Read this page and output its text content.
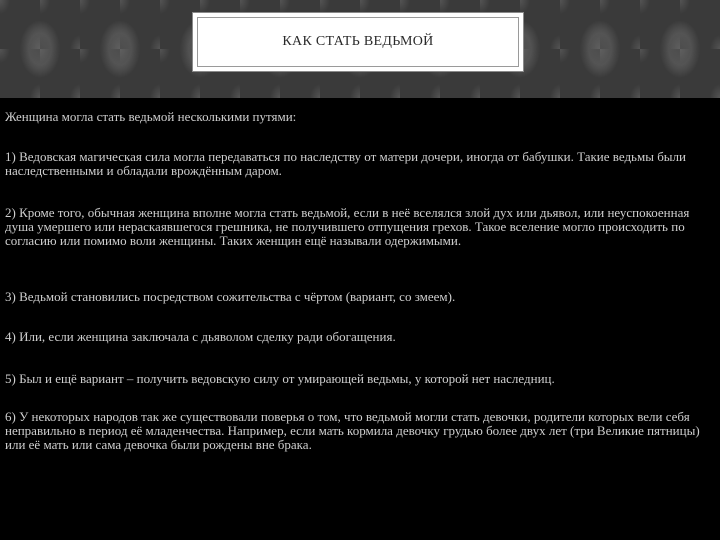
КАК СТАТЬ ВЕДЬМОЙ

Женщина могла стать ведьмой несколькими путями:

1) Ведовская магическая сила могла передаваться по наследству от матери дочери, иногда от бабушки. Такие ведьмы были наследственными и обладали врождённым даром.

2) Кроме того, обычная женщина вполне могла стать ведьмой, если в неё вселялся злой дух или дьявол, или неуспокоенная душа умершего или нераскаявшегося грешника, не получившего отпущения грехов. Такое вселение могло происходить по согласию или помимо воли женщины. Таких женщин ещё называли одержимыми.

3) Ведьмой становились посредством сожительства с чёртом (вариант, со змеем).

4) Или, если женщина заключала с дьяволом сделку ради обогащения.

5) Был и ещё вариант – получить ведовскую силу от умирающей ведьмы, у которой нет наследниц.

6) У некоторых народов так же существовали поверья о том, что ведьмой могли стать девочки, родители которых вели себя неправильно в период её младенчества. Например, если мать кормила девочку грудью более двух лет (три Великие пятницы) или её мать или сама девочка были рождены вне брака.
